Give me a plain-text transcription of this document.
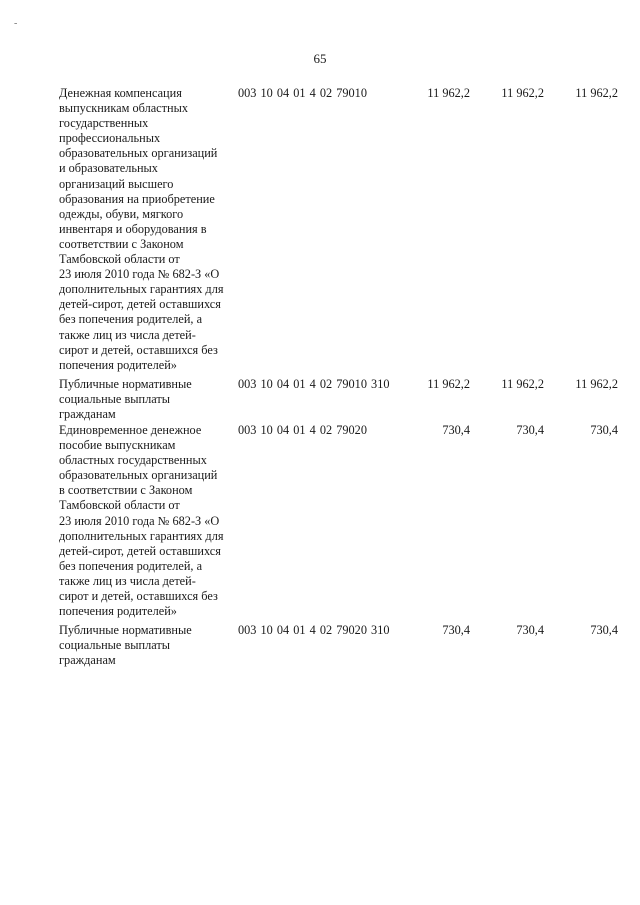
-
65
Денежная компенсация
выпускникам областных
государственных
профессиональных
образовательных организаций
и образовательных
организаций высшего
образования на приобретение
одежды, обуви, мягкого
инвентаря и оборудования в
соответствии с Законом
Тамбовской области от
23 июля 2010 года № 682-З «О
дополнительных гарантиях для
детей-сирот, детей оставшихся
без попечения родителей, а
также лиц из числа детей-
сирот и детей, оставшихся без
попечения родителей»
003 10 04 01 4 02 79010	11 962,2	11 962,2	11 962,2
Публичные нормативные
социальные выплаты
гражданам
003 10 04 01 4 02 79010 310	11 962,2	11 962,2	11 962,2
Единовременное денежное
пособие выпускникам
областных государственных
образовательных организаций
в соответствии с Законом
Тамбовской области от
23 июля 2010 года № 682-З «О
дополнительных гарантиях для
детей-сирот, детей оставшихся
без попечения родителей, а
также лиц из числа детей-
сирот и детей, оставшихся без
попечения родителей»
003 10 04 01 4 02 79020	730,4	730,4	730,4
Публичные нормативные
социальные выплаты
гражданам
003 10 04 01 4 02 79020 310	730,4	730,4	730,4
